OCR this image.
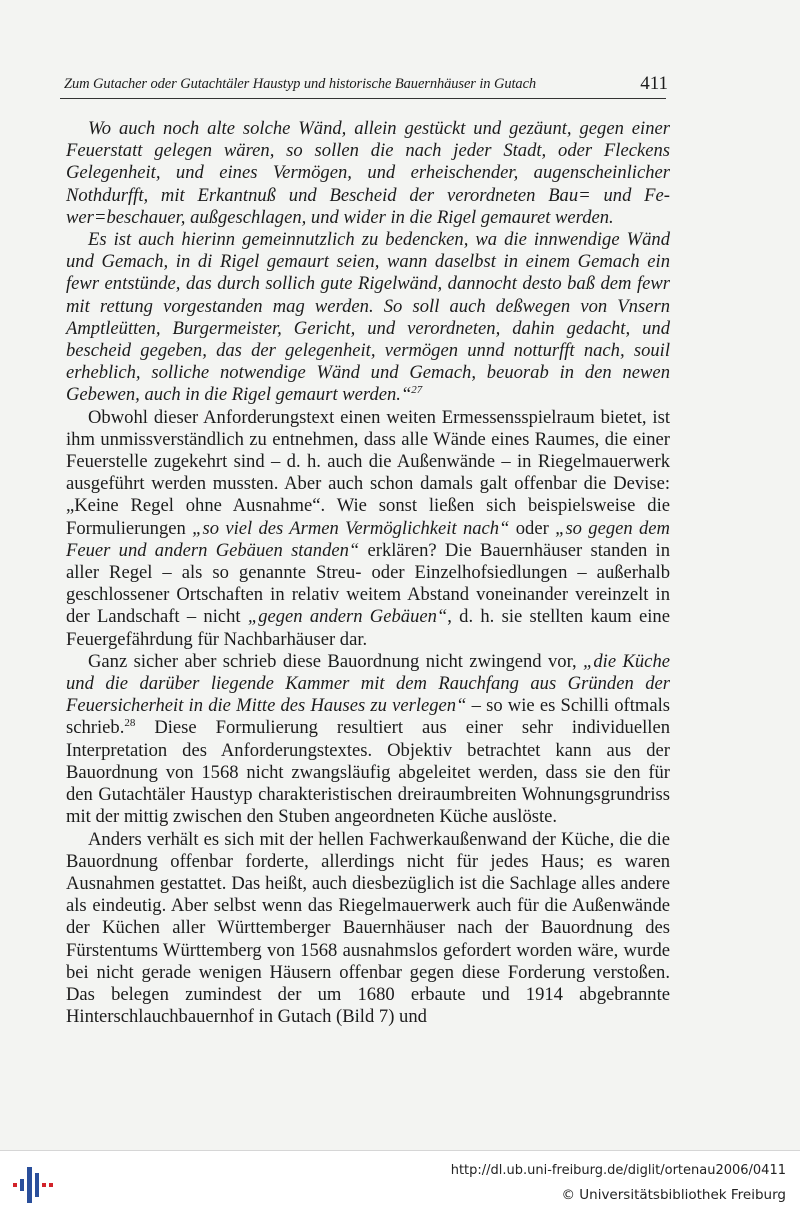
Zum Gutacher oder Gutachtäler Haustyp und historische Bauernhäuser in Gutach	411

Wo auch noch alte solche Wänd, allein gestückt und gezäunt, gegen einer Feuerstatt gelegen wären, so sollen die nach jeder Stadt, oder Fleckens Gelegenheit, und eines Vermögen, und erheischender, augenscheinlicher Nothdurfft, mit Erkantnuß und Bescheid der verordneten Bau= und Fewer=beschauer, außgeschlagen, und wider in die Rigel gemauret werden.

Es ist auch hierinn gemeinnutzlich zu bedencken, wa die innwendige Wänd und Gemach, in di Rigel gemaurt seien, wann daselbst in einem Gemach ein fewr entstünde, das durch sollich gute Rigelwänd, dannocht desto baß dem fewr mit rettung vorgestanden mag werden. So soll auch deßwegen von Vnsern Amptleütten, Burgermeister, Gericht, und verordneten, dahin gedacht, und bescheid gegeben, das der gelegenheit, vermögen unnd notturfft nach, souil erheblich, solliche notwendige Wänd und Gemach, beuorab in den newen Gebewen, auch in die Rigel gemaurt werden.“$^{27}$

Obwohl dieser Anforderungstext einen weiten Ermessensspielraum bietet, ist ihm unmissverständlich zu entnehmen, dass alle Wände eines Raumes, die einer Feuerstelle zugekehrt sind – d. h. auch die Außenwände – in Riegelmauerwerk ausgeführt werden mussten. Aber auch schon damals galt offenbar die Devise: „Keine Regel ohne Ausnahme“. Wie sonst ließen sich beispielsweise die Formulierungen „so viel des Armen Vermöglichkeit nach“ oder „so gegen dem Feuer und andern Gebäuen standen“ erklären? Die Bauernhäuser standen in aller Regel – als so genannte Streu- oder Einzelhofsiedlungen – außerhalb geschlossener Ortschaften in relativ weitem Abstand voneinander vereinzelt in der Landschaft – nicht „gegen andern Gebäuen“, d. h. sie stellten kaum eine Feuergefährdung für Nachbarhäuser dar.

Ganz sicher aber schrieb diese Bauordnung nicht zwingend vor, „die Küche und die darüber liegende Kammer mit dem Rauchfang aus Gründen der Feuersicherheit in die Mitte des Hauses zu verlegen“ – so wie es Schilli oftmals schrieb.$^{28}$ Diese Formulierung resultiert aus einer sehr individuellen Interpretation des Anforderungstextes. Objektiv betrachtet kann aus der Bauordnung von 1568 nicht zwangsläufig abgeleitet werden, dass sie den für den Gutachtäler Haustyp charakteristischen dreiraumbreiten Wohnungsgrundriss mit der mittig zwischen den Stuben angeordneten Küche auslöste.

Anders verhält es sich mit der hellen Fachwerkaußenwand der Küche, die die Bauordnung offenbar forderte, allerdings nicht für jedes Haus; es waren Ausnahmen gestattet. Das heißt, auch diesbezüglich ist die Sachlage alles andere als eindeutig. Aber selbst wenn das Riegelmauerwerk auch für die Außenwände der Küchen aller Württemberger Bauernhäuser nach der Bauordnung des Fürstentums Württemberg von 1568 ausnahmslos gefordert worden wäre, wurde bei nicht gerade wenigen Häusern offenbar gegen diese Forderung verstoßen. Das belegen zumindest der um 1680 erbaute und 1914 abgebrannte Hinterschlauchbauernhof in Gutach (Bild 7) und

http://dl.ub.uni-freiburg.de/diglit/ortenau2006/0411
© Universitätsbibliothek Freiburg
